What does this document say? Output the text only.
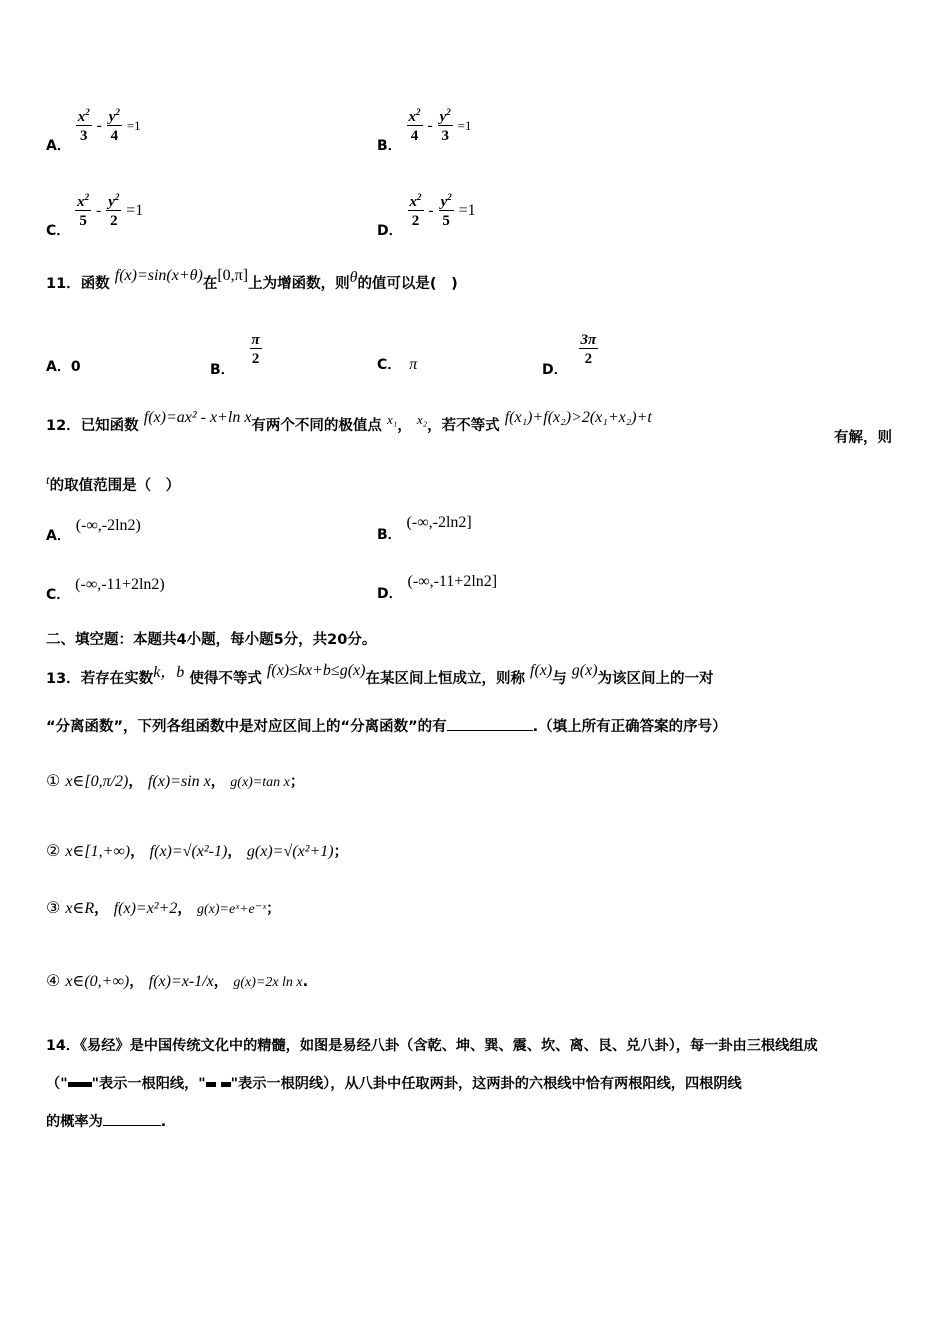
A．
$\frac{x^2}{3} - \frac{y^2}{4} =1$
B．
$\frac{x^2}{4} - \frac{y^2}{3} =1$
C．
$\frac{x^2}{5} - \frac{y^2}{2} =1$
D．
$\frac{x^2}{2} - \frac{y^2}{5} =1$
11．函数 f(x)=sin(x+θ)在[0,π]上为增函数，则θ的值可以是(　)
A．0	B．
$\frac{\pi}{2}$	C． π	D．
$\frac{3\pi}{2}$
12．已知函数 f(x)=ax² - x+ln x有两个不同的极值点 x₁， x₂，若不等式 f(x₁)+f(x₂)>2(x₁+x₂)+t
有解，则
t的取值范围是（　）
A． (-∞,-2ln2)
B． (-∞,-2ln2]
C． (-∞,-11+2ln2)
D． (-∞,-11+2ln2]
二、填空题：本题共4小题，每小题5分，共20分。
13．若存在实数k，b 使得不等式 f(x)≤kx+b≤g(x)在某区间上恒成立，则称 f(x)与 g(x)为该区间上的一对
“分离函数”，下列各组函数中是对应区间上的“分离函数”的有	.（填上所有正确答案的序号）
① x∈[0,π/2)， f(x)=sin x， g(x)=tan x；
② x∈[1,+∞)， f(x)=√(x²-1)， g(x)=√(x²+1)；
③ x∈R， f(x)=x²+2， g(x)=eˣ+e⁻ˣ；
④ x∈(0,+∞)， f(x)=x-1/x， g(x)=2x ln x.
14．《易经》是中国传统文化中的精髓，如图是易经八卦（含乾、坤、巽、震、坎、离、艮、兑八卦），每一卦由三根线组成
（" "表示一根阳线，" "表示一根阴线），从八卦中任取两卦，这两卦的六根线中恰有两根阳线，四根阴线
的概率为	.
